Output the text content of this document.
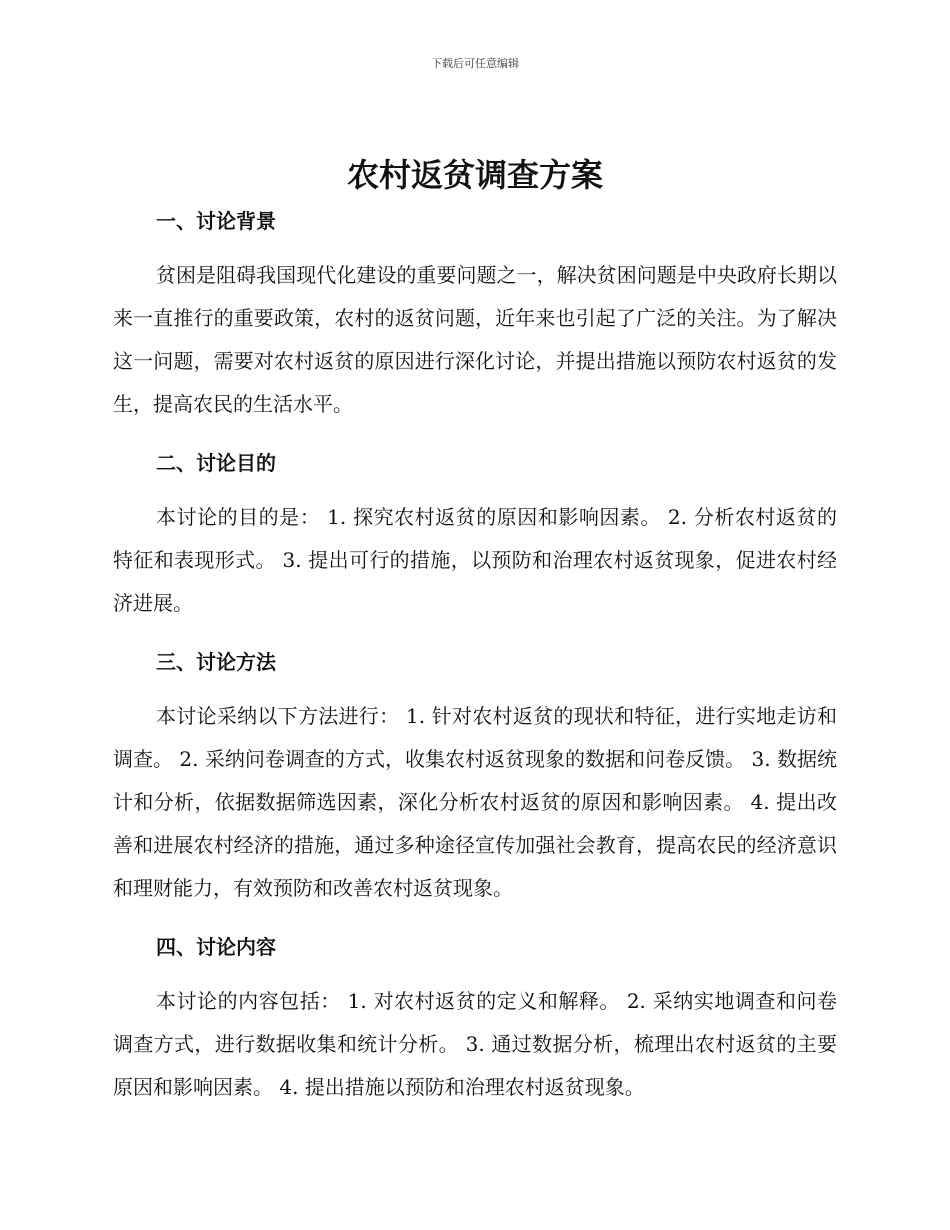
下载后可任意编辑
农村返贫调查方案
一、讨论背景

贫困是阻碍我国现代化建设的重要问题之一，解决贫困问题是中央政府长期以来一直推行的重要政策，农村的返贫问题，近年来也引起了广泛的关注。为了解决这一问题，需要对农村返贫的原因进行深化讨论，并提出措施以预防农村返贫的发生，提高农民的生活水平。

二、讨论目的

本讨论的目的是： 1. 探究农村返贫的原因和影响因素。 2. 分析农村返贫的特征和表现形式。 3. 提出可行的措施，以预防和治理农村返贫现象，促进农村经济进展。

三、讨论方法

本讨论采纳以下方法进行： 1. 针对农村返贫的现状和特征，进行实地走访和调查。 2. 采纳问卷调查的方式，收集农村返贫现象的数据和问卷反馈。 3. 数据统计和分析，依据数据筛选因素，深化分析农村返贫的原因和影响因素。 4. 提出改善和进展农村经济的措施，通过多种途径宣传加强社会教育，提高农民的经济意识和理财能力，有效预防和改善农村返贫现象。

四、讨论内容

本讨论的内容包括： 1. 对农村返贫的定义和解释。 2. 采纳实地调查和问卷调查方式，进行数据收集和统计分析。 3. 通过数据分析，梳理出农村返贫的主要原因和影响因素。 4. 提出措施以预防和治理农村返贫现象。
